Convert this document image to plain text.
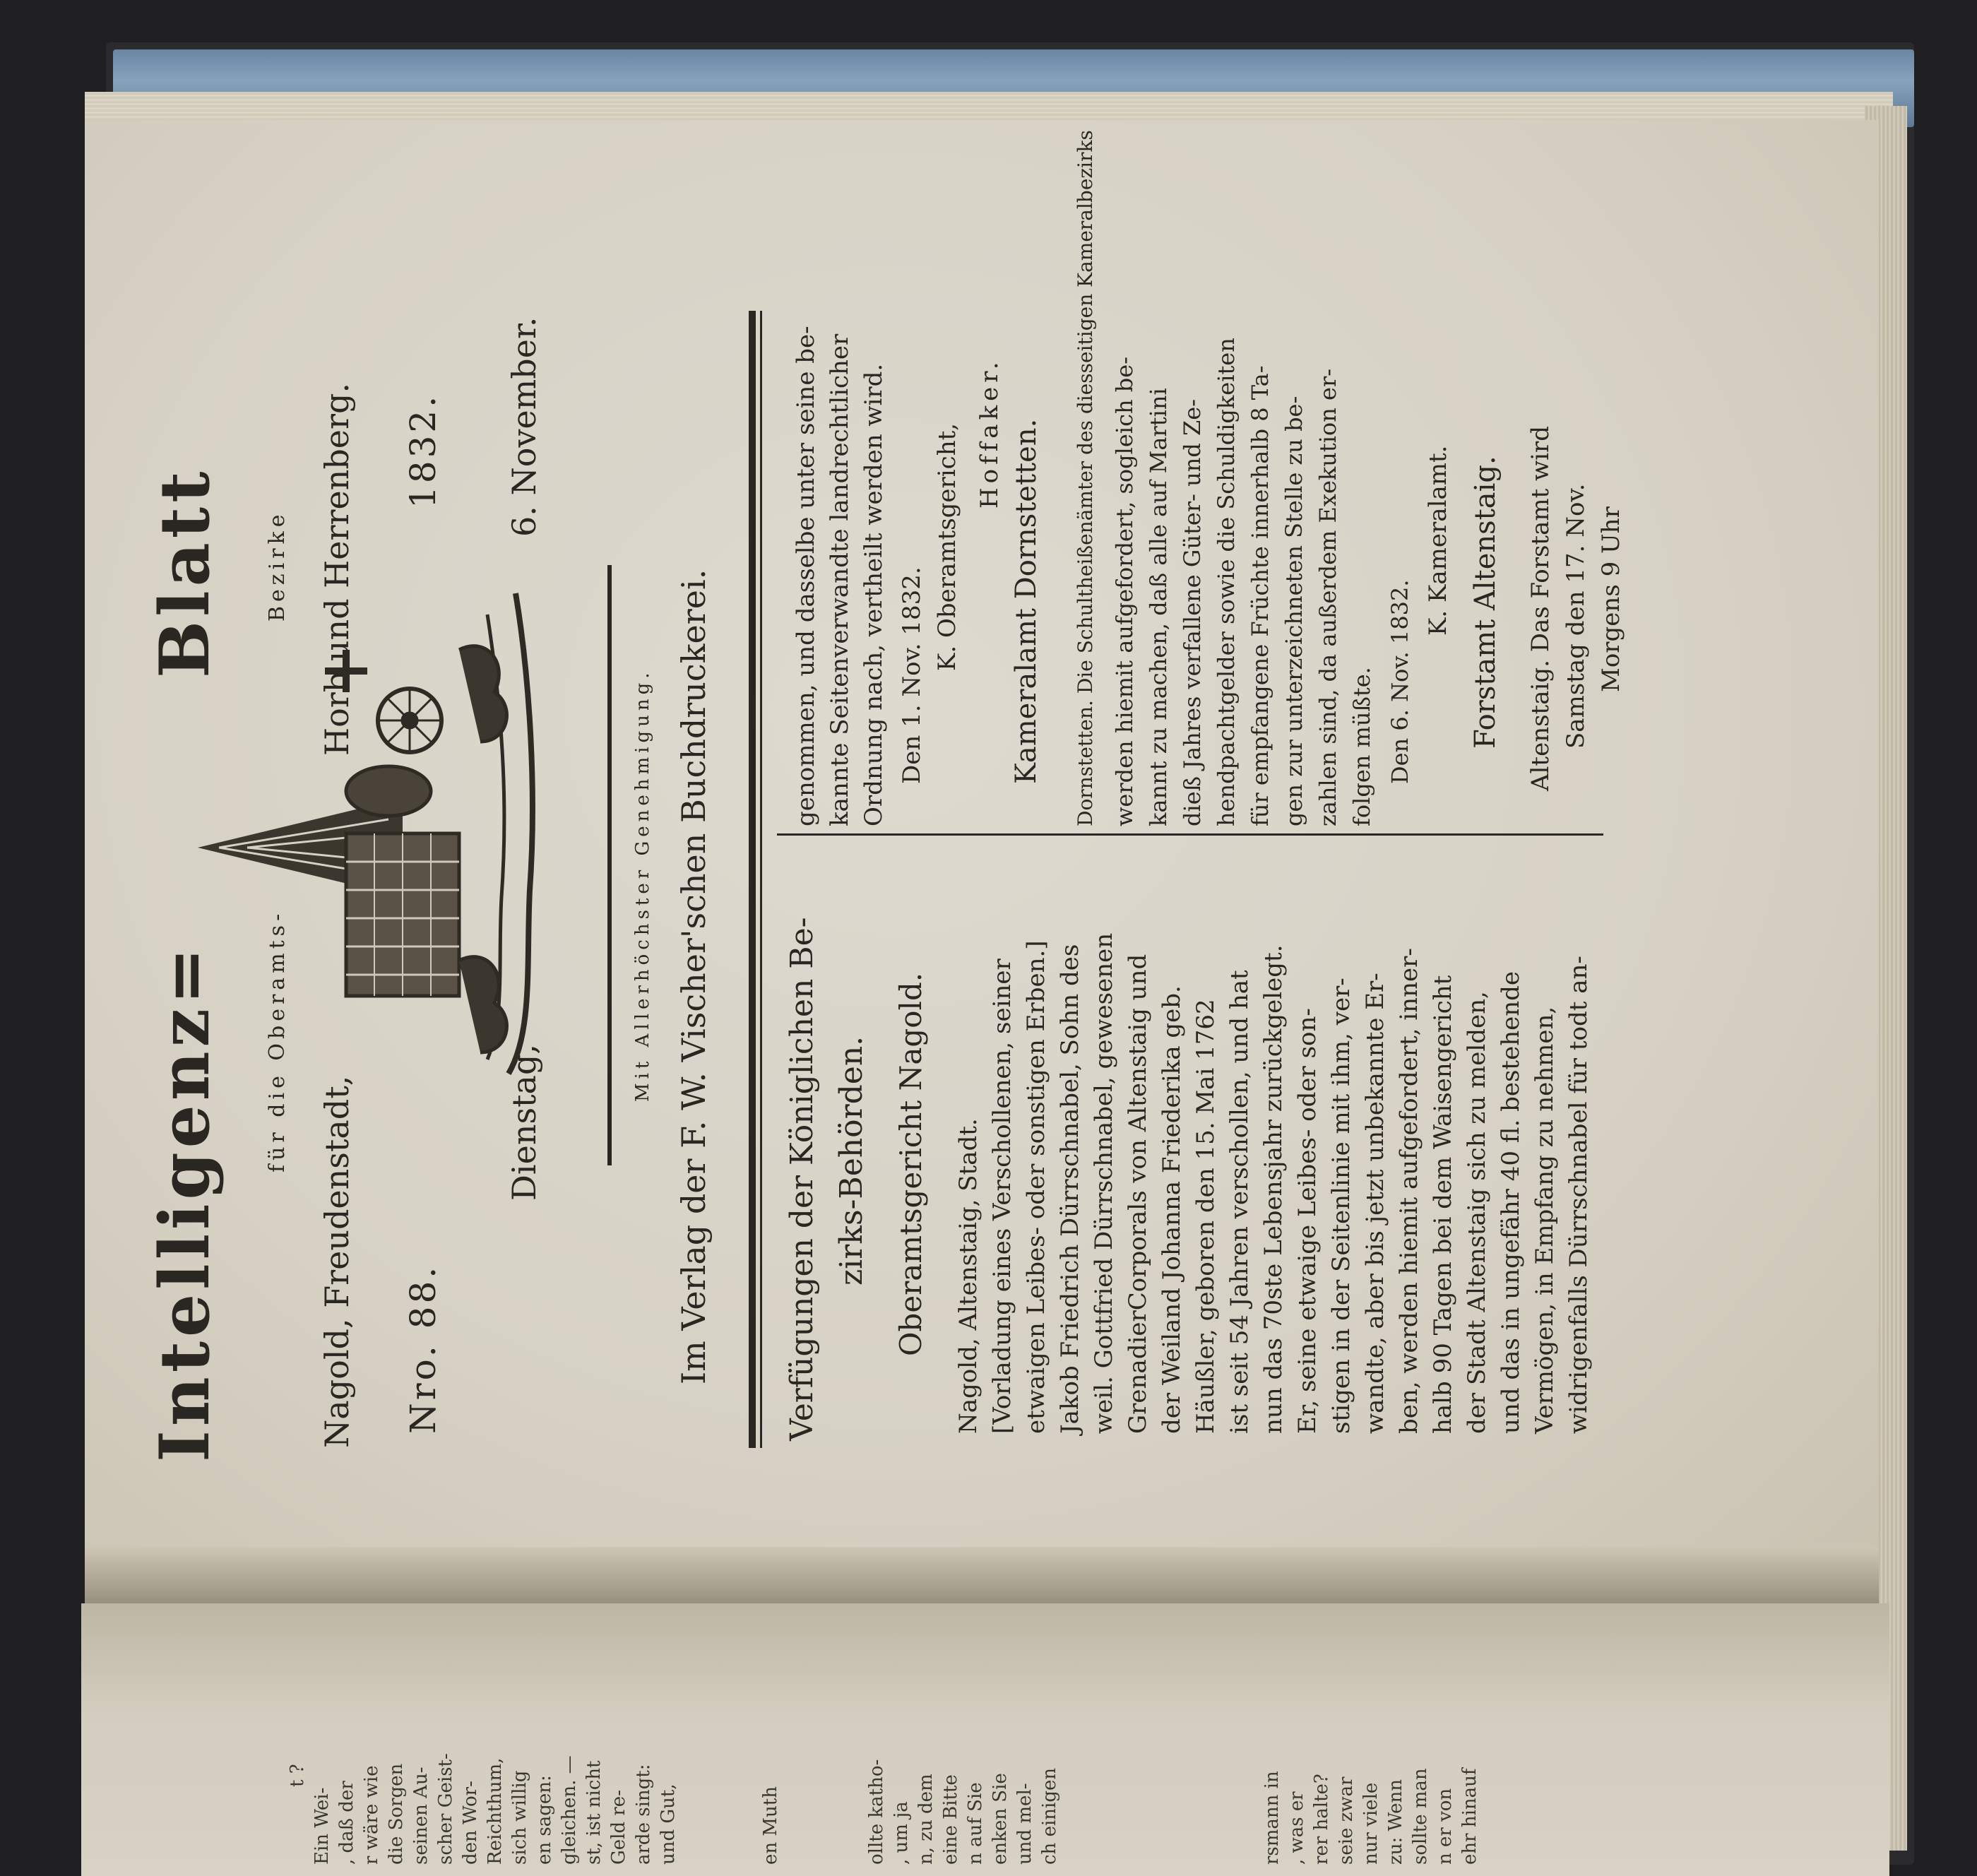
Intelligenz=
Blatt
für die Oberamts-
Bezirke
Nagold, Freudenstadt,
Horb und Herrenberg.
Nro. 88.
1832.
Dienstag,
6. November.
Mit Allerhöchster Genehmigung. Im Verlag der F. W. Vischer'schen Buchdruckerei. Verfügungen der Königlichen Be- zirks-Behörden. Oberamtsgericht Nagold.	Nagold, Altenstaig, Stadt. [Vorladung eines Verschollenen, seiner etwaigen Leibes- oder sonstigen Erben.] Jakob Friedrich Dürrschnabel, Sohn des weil. Gottfried Dürrschnabel, gewesenen GrenadierCorporals von Altenstaig und der Weiland Johanna Friederika geb. Häußler, geboren den 15. Mai 1762 ist seit 54 Jahren verschollen, und hat nun das 70ste Lebensjahr zurückgelegt. Er, seine etwaige Leibes- oder son- stigen in der Seitenlinie mit ihm, ver- wandte, aber bis jetzt unbekannte Er- ben, werden hiemit aufgefordert, inner- halb 90 Tagen bei dem Waisengericht der Stadt Altenstaig sich zu melden, und das in ungefähr 40 fl. bestehende Vermögen, in Empfang zu nehmen, widrigenfalls Dürrschnabel für todt an-
genommen, und dasselbe unter seine be- kannte Seitenverwandte landrechtlicher Ordnung nach, vertheilt werden wird. Den 1. Nov. 1832.
K. Oberamtsgericht, Hoffaker. Kameralamt Dornstetten.	Dornstetten. Die Schultheißenämter des diesseitigen Kameralbezirks werden hiemit aufgefordert, sogleich be- kannt zu machen, daß alle auf Martini dieß Jahres verfallene Güter- und Ze- hendpachtgelder sowie die Schuldigkeiten für empfangene Früchte innerhalb 8 Ta- gen zur unterzeichneten Stelle zu be- zahlen sind, da außerdem Exekution er- folgen müßte. Den 6. Nov. 1832.
K. Kameralamt. Forstamt Altenstaig.	Altenstaig. Das Forstamt wird Samstag den 17. Nov. Morgens 9 Uhr
t ?
Ein Wei- , daß der r wäre wie die Sorgen seinen Au- scher Geist- den Wor- Reichthum, sich willig en sagen: gleichen. — st, ist nicht Geld re- arde singt: und Gut,	en Muth	ollte katho- , um ja n, zu dem eine Bitte n auf Sie enken Sie und mel- ch einigen	rsmann in , was er rer halte? seie zwar nur viele zu: Wenn sollte man n er von ehr hinauf
